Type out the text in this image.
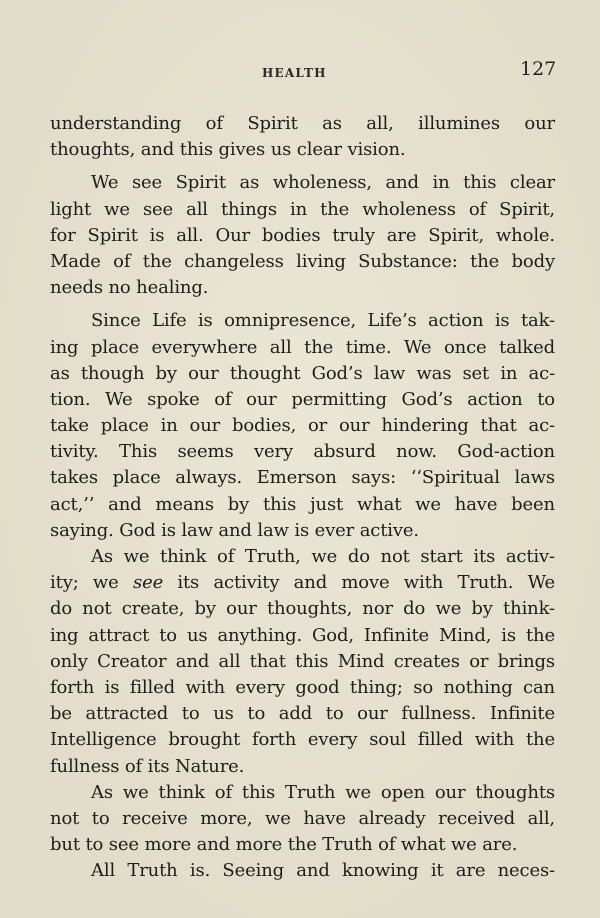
HEALTH	127
understanding of Spirit as all, illumines our
thoughts, and this gives us clear vision.
We see Spirit as wholeness, and in this clear
light we see all things in the wholeness of Spirit,
for Spirit is all. Our bodies truly are Spirit, whole.
Made of the changeless living Substance: the body
needs no healing.
Since Life is omnipresence, Life’s action is tak-
ing place everywhere all the time. We once talked
as though by our thought God’s law was set in ac-
tion. We spoke of our permitting God’s action to
take place in our bodies, or our hindering that ac-
tivity. This seems very absurd now. God-action
takes place always. Emerson says: ‘‘Spiritual laws
act,’’ and means by this just what we have been
saying. God is law and law is ever active.
As we think of Truth, we do not start its activ-
ity; we see its activity and move with Truth. We
do not create, by our thoughts, nor do we by think-
ing attract to us anything. God, Infinite Mind, is the
only Creator and all that this Mind creates or brings
forth is filled with every good thing; so nothing can
be attracted to us to add to our fullness. Infinite
Intelligence brought forth every soul filled with the
fullness of its Nature.
As we think of this Truth we open our thoughts
not to receive more, we have already received all,
but to see more and more the Truth of what we are.
All Truth is. Seeing and knowing it are neces-
